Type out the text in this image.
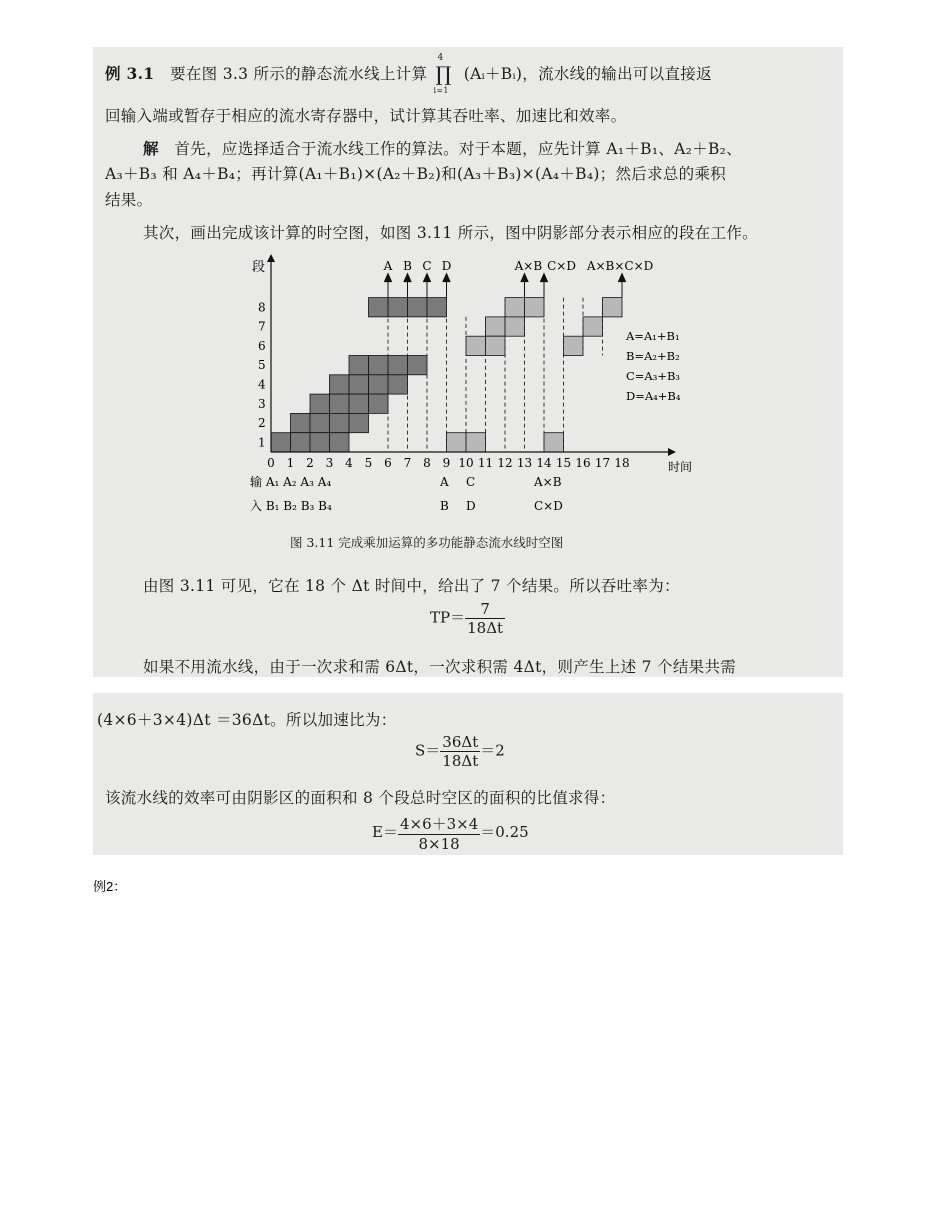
例 3.1 要在图 3.3 所示的静态流水线上计算
4
∏
i=1
(Aᵢ＋Bᵢ)，流水线的输出可以直接返
回输入端或暂存于相应的流水寄存器中，试计算其吞吐率、加速比和效率。
解 首先，应选择适合于流水线工作的算法。对于本题，应先计算 A₁＋B₁、A₂＋B₂、
A₃＋B₃ 和 A₄＋B₄；再计算(A₁＋B₁)×(A₂＋B₂)和(A₃＋B₃)×(A₄＋B₄)；然后求总的乘积
结果。
其次，画出完成该计算的时空图，如图 3.11 所示，图中阴影部分表示相应的段在工作。
段
时间
1
2
3
4
5
6
7
8
0 1 2 3 4 5 6 7 8 9 10 11 12 13 14 15 16 17 18
A B C D	A×B C×D A×B×C×D
A=A₁+B₁
B=A₂+B₂
C=A₃+B₃
D=A₄+B₄
输 A₁ A₂ A₃ A₄
入 B₁ B₂ B₃ B₄
A C	A×B
B D	C×D
图 3.11 完成乘加运算的多功能静态流水线时空图
由图 3.11 可见，它在 18 个 Δt 时间中，给出了 7 个结果。所以吞吐率为：
$TP= \frac{7}{18\Delta t}$
如果不用流水线，由于一次求和需 6Δt，一次求积需 4Δt，则产生上述 7 个结果共需
(4×6＋3×4)Δt ＝36Δt。所以加速比为：
$S= \frac{36\Delta t}{18\Delta t} =2$
该流水线的效率可由阴影区的面积和 8 个段总时空区的面积的比值求得：
$E= \frac{4\times 6+3\times 4}{8\times 18} =0.25$
例2：
